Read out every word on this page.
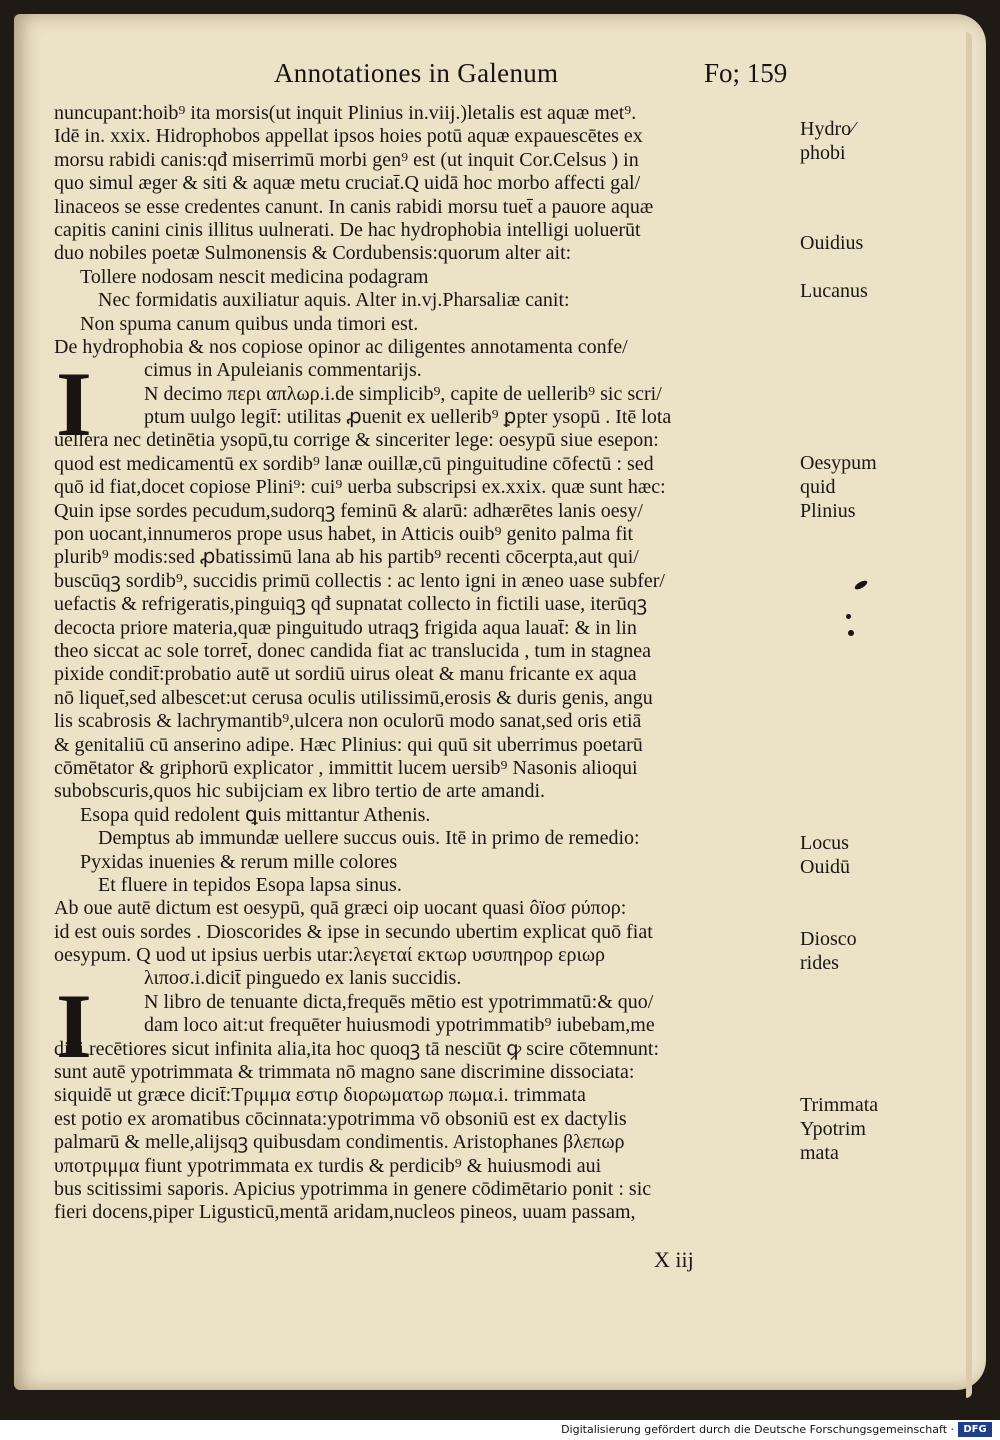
Annotationes in Galenum	Fo; 159
I
I
nuncupant:hoib⁹ ita morsis(ut inquit Plinius in.viij.)letalis est aquæ met⁹.
Idē in. xxix. Hidrophobos appellat ipsos hoies potū aquæ expauescētes ex
morsu rabidi canis:qđ miserrimū morbi gen⁹ est (ut inquit Cor.Celsus ) in
quo simul æger & siti & aquæ metu cruciat̄.Q uidā hoc morbo affecti gal/
linaceos se esse credentes canunt. In canis rabidi morsu tuet̄ a pauore aquæ
capitis canini cinis illitus uulnerati. De hac hydrophobia intelligi uoluerūt
duo nobiles poetæ Sulmonensis & Cordubensis:quorum alter ait:
Tollere nodosam nescit medicina podagram
Nec formidatis auxiliatur aquis. Alter in.vj.Pharsaliæ canit:
Non spuma canum quibus unda timori est.
De hydrophobia & nos copiose opinor ac diligentes annotamenta confe/
cimus in Apuleianis commentarijs.
N decimo περι απλωρ.i.de simplicib⁹, capite de uellerib⁹ sic scri/
ptum uulgo legit̄: utilitas ꝓuenit ex uellerib⁹ ꝑpter ysopū . Itē lota
uellera nec detinētia ysopū,tu corrige & sinceriter lege: oesypū siue esepon:
quod est medicamentū ex sordib⁹ lanæ ouillæ,cū pinguitudine cōfectū : sed
quō id fiat,docet copiose Plini⁹: cui⁹ uerba subscripsi ex.xxix. quæ sunt hæc:
Quin ipse sordes pecudum,sudorqꝫ feminū & alarū: adhærētes lanis oesy/
pon uocant,innumeros prope usus habet, in Atticis ouib⁹ genito palma fit
plurib⁹ modis:sed ꝓbatissimū lana ab his partib⁹ recenti cōcerpta,aut qui/
buscūqꝫ sordib⁹, succidis primū collectis : ac lento igni in æneo uase subfer/
uefactis & refrigeratis,pinguiqꝫ qđ supnatat collecto in fictili uase, iterūqꝫ
decocta priore materia,quæ pinguitudo utraqꝫ frigida aqua lauat̄: & in lin
theo siccat ac sole torret̄, donec candida fiat ac translucida , tum in stagnea
pixide condit̄:probatio autē ut sordiū uirus oleat & manu fricante ex aqua
nō liquet̄,sed albescet:ut cerusa oculis utilissimū,erosis & duris genis, angu
lis scabrosis & lachrymantib⁹,ulcera non oculorū modo sanat,sed oris etiā
& genitaliū cū anserino adipe. Hæc Plinius: qui quū sit uberrimus poetarū
cōmētator & griphorū explicator , immittit lucem uersib⁹ Nasonis alioqui
subobscuris,quos hic subijciam ex libro tertio de arte amandi.
Esopa quid redolent ꝗuis mittantur Athenis.
Demptus ab immundæ uellere succus ouis. Itē in primo de remedio:
Pyxidas inuenies & rerum mille colores
Et fluere in tepidos Esopa lapsa sinus.
Ab oue autē dictum est oesypū, quā græci oip uocant quasi ôïoσ ρύπορ:
id est ouis sordes . Dioscorides & ipse in secundo ubertim explicat quō fiat
oesypum. Q uod ut ipsius uerbis utar:λεγεταί εκτωρ υσυπηρορ εριωρ
λιποσ.i.dicit̄ pinguedo ex lanis succidis.
N libro de tenuante dicta,frequēs mētio est ypotrimmatū:& quo/
dam loco ait:ut frequēter huiusmodi ypotrimmatib⁹ iubebam,me
dici recētiores sicut infinita alia,ita hoc quoqꝫ tā nesciūt ꝙ scire cōtemnunt:
sunt autē ypotrimmata & trimmata nō magno sane discrimine dissociata:
siquidē ut græce dicit̄:Τριμμα εστιρ διορωματωρ πωμα.i. trimmata
est potio ex aromatibus cōcinnata:ypotrimma vō obsoniū est ex dactylis
palmarū & melle,alijsqꝫ quibusdam condimentis. Aristophanes βλεπωρ
υποτριμμα fiunt ypotrimmata ex turdis & perdicib⁹ & huiusmodi aui
bus scitissimi saporis. Apicius ypotrimma in genere cōdimētario ponit : sic
fieri docens,piper Ligusticū,mentā aridam,nucleos pineos, uuam passam,
Hydro⁄
phobi
Ouidius
Lucanus
Oesypum
quid
Plinius
Locus
Ouidū
Diosco
rides
Trimmata
Ypotrim
mata
X iij
Digitalisierung gefördert durch die Deutsche Forschungsgemeinschaft · DFG
